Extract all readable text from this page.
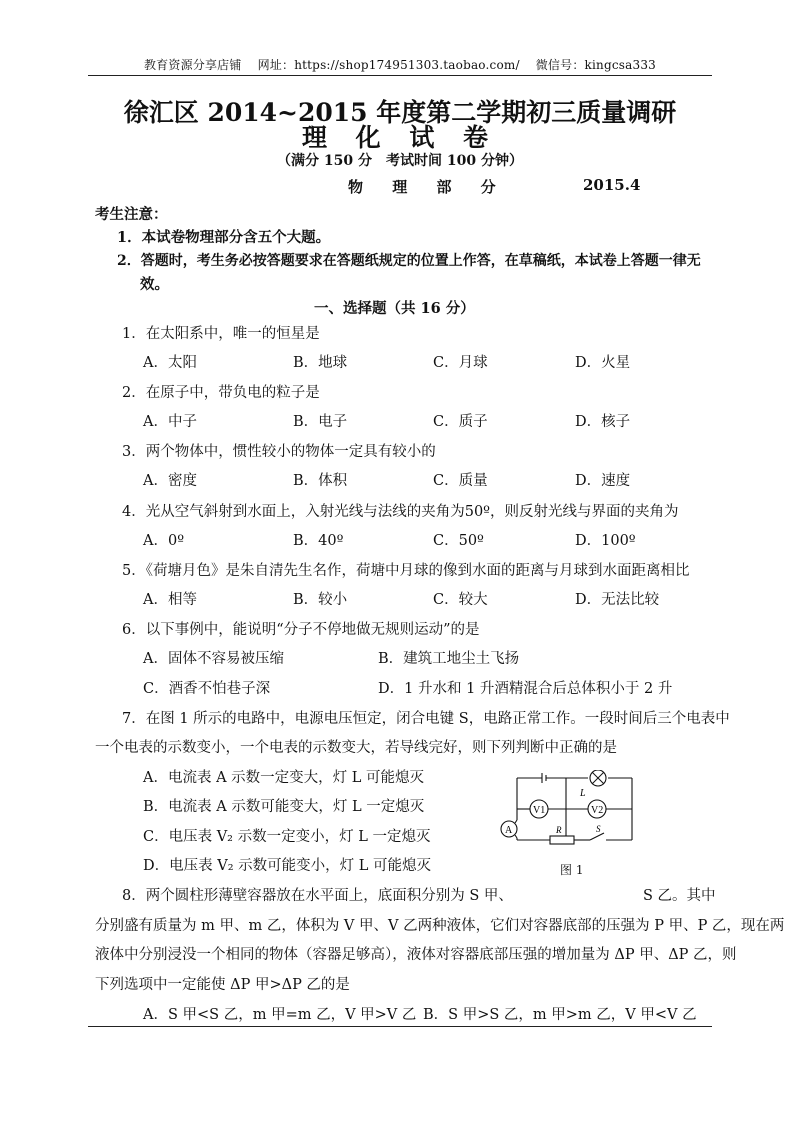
教育资源分享店铺 网址：https://shop174951303.taobao.com/ 微信号：kingcsa333
徐汇区 2014~2015 年度第二学期初三质量调研
理 化 试 卷
（满分 150 分　考试时间 100 分钟）
物 理 部 分	2015.4
考生注意：
1．本试卷物理部分含五个大题。
2．答题时，考生务必按答题要求在答题纸规定的位置上作答，在草稿纸，本试卷上答题一律无
效。
一、选择题（共 16 分）
1．在太阳系中，唯一的恒星是
A．太阳	B．地球	C．月球	D．火星
2．在原子中，带负电的粒子是
A．中子	B．电子	C．质子	D．核子
3．两个物体中，惯性较小的物体一定具有较小的
A．密度	B．体积	C．质量	D．速度
4．光从空气斜射到水面上，入射光线与法线的夹角为50º，则反射光线与界面的夹角为
A．0º	B．40º	C．50º	D．100º
5．《荷塘月色》是朱自清先生名作，荷塘中月球的像到水面的距离与月球到水面距离相比
A．相等	B．较小	C．较大	D．无法比较
6．以下事例中，能说明“分子不停地做无规则运动”的是
A．固体不容易被压缩	B．建筑工地尘土飞扬
C．酒香不怕巷子深	D．1 升水和 1 升酒精混合后总体积小于 2 升
7．在图 1 所示的电路中，电源电压恒定，闭合电键 S，电路正常工作。一段时间后三个电表中
一个电表的示数变小，一个电表的示数变大，若导线完好，则下列判断中正确的是
A．电流表 A 示数一定变大，灯 L 可能熄灭
B．电流表 A 示数可能变大，灯 L 一定熄灭
C．电压表 V₂ 示数一定变小，灯 L 一定熄灭
D．电压表 V₂ 示数可能变小，灯 L 可能熄灭
L
V1	V2
A	R	S
图 1
8．两个圆柱形薄壁容器放在水平面上，底面积分别为 S 甲、	S 乙。其中
分别盛有质量为 m 甲、m 乙，体积为 V 甲、V 乙两种液体，它们对容器底部的压强为 P 甲、P 乙，现在两
液体中分别浸没一个相同的物体（容器足够高），液体对容器底部压强的增加量为 ΔP 甲、ΔP 乙，则
下列选项中一定能使 ΔP 甲>ΔP 乙的是
A．S 甲<S 乙，m 甲=m 乙，V 甲>V 乙 B．S 甲>S 乙，m 甲>m 乙，V 甲<V 乙
